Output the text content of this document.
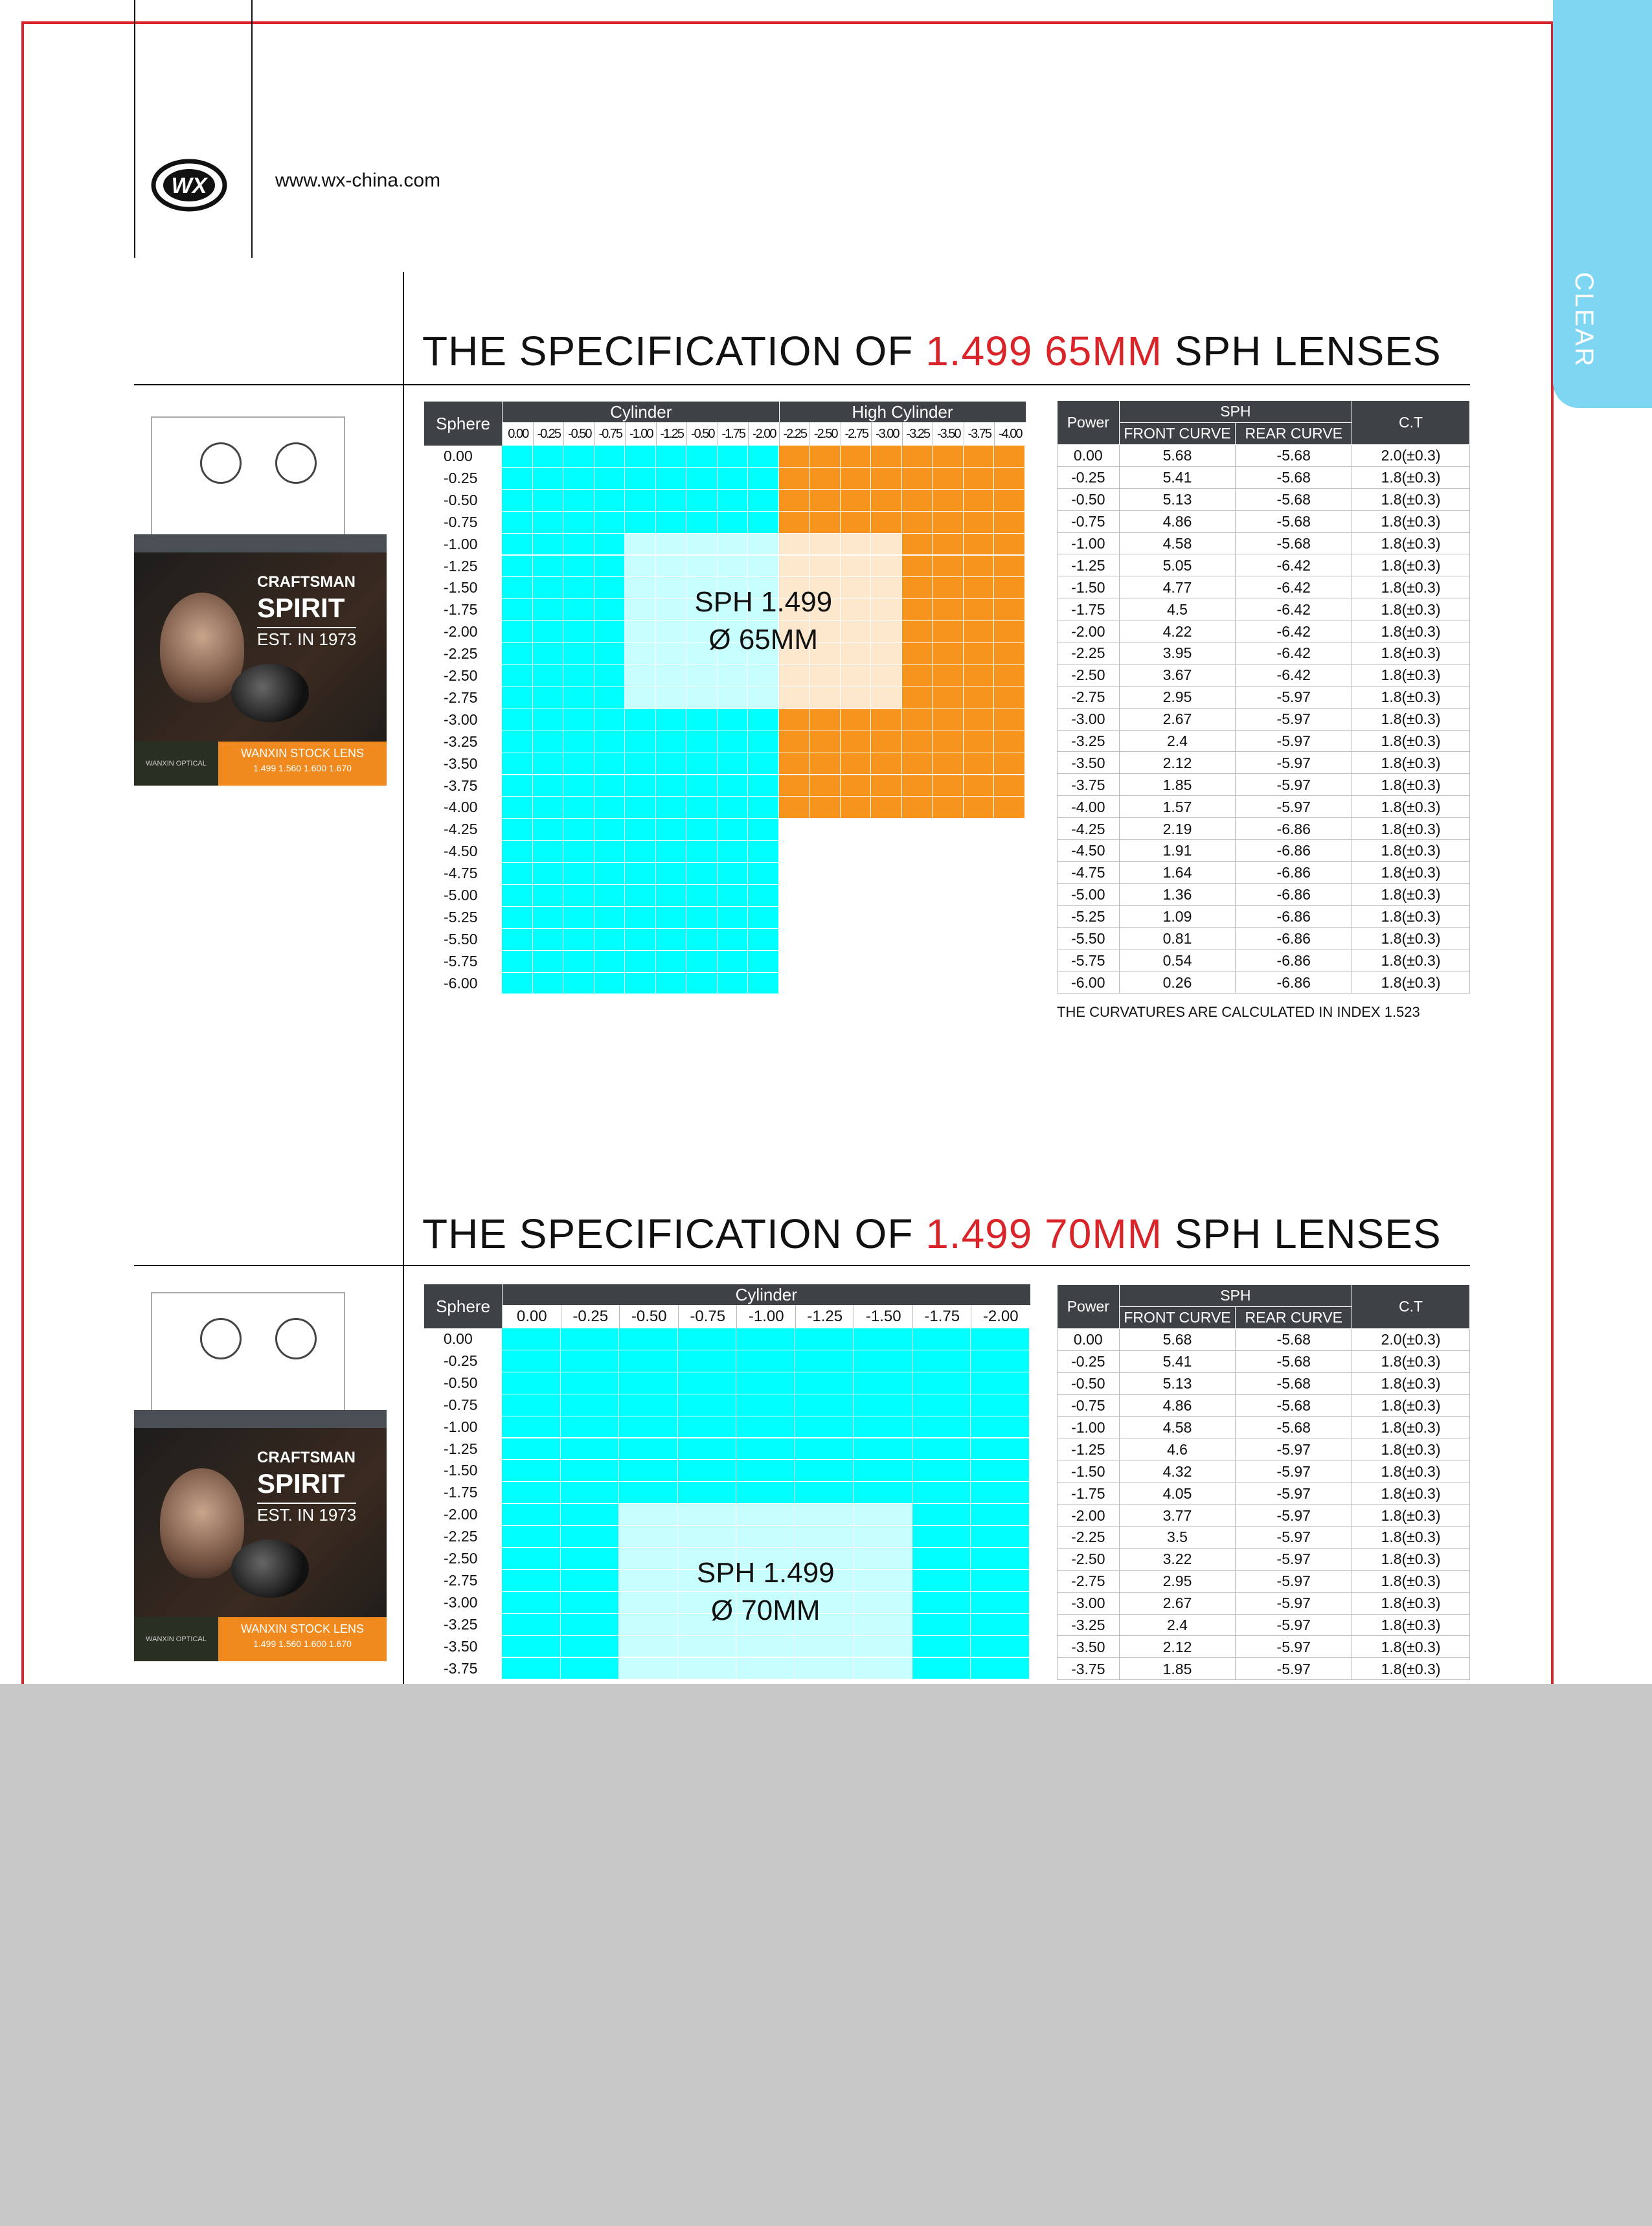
CLEAR
WX	www.wx-china.com
THE SPECIFICATION OF 1.499 65MM SPH LENSES
CRAFTSMAN
SPIRIT
EST. IN 1973
WANXIN OPTICAL
WANXIN STOCK LENS
1.499 1.560 1.600 1.670
Sphere
Cylinder	High Cylinder
0.00 -0.25 -0.50 -0.75 -1.00 -1.25 -0.50 -1.75 -2.00 -2.25 -2.50 -2.75 -3.00 -3.25 -3.50 -3.75 -4.00
0.00
-0.25
-0.50
-0.75
-1.00
-1.25
-1.50
-1.75
-2.00
-2.25
-2.50
-2.75
-3.00
-3.25
-3.50
-3.75
-4.00
-4.25
-4.50
-4.75
-5.00
-5.25
-5.50
-5.75
-6.00
SPH 1.499
Ø 65MM
Power	SPH		C.T
	FRONT CURVE	REAR CURVE	
0.00	5.68	-5.68	2.0(±0.3)
-0.25	5.41	-5.68	1.8(±0.3)
-0.50	5.13	-5.68	1.8(±0.3)
-0.75	4.86	-5.68	1.8(±0.3)
-1.00	4.58	-5.68	1.8(±0.3)
-1.25	5.05	-6.42	1.8(±0.3)
-1.50	4.77	-6.42	1.8(±0.3)
-1.75	4.5	-6.42	1.8(±0.3)
-2.00	4.22	-6.42	1.8(±0.3)
-2.25	3.95	-6.42	1.8(±0.3)
-2.50	3.67	-6.42	1.8(±0.3)
-2.75	2.95	-5.97	1.8(±0.3)
-3.00	2.67	-5.97	1.8(±0.3)
-3.25	2.4	-5.97	1.8(±0.3)
-3.50	2.12	-5.97	1.8(±0.3)
-3.75	1.85	-5.97	1.8(±0.3)
-4.00	1.57	-5.97	1.8(±0.3)
-4.25	2.19	-6.86	1.8(±0.3)
-4.50	1.91	-6.86	1.8(±0.3)
-4.75	1.64	-6.86	1.8(±0.3)
-5.00	1.36	-6.86	1.8(±0.3)
-5.25	1.09	-6.86	1.8(±0.3)
-5.50	0.81	-6.86	1.8(±0.3)
-5.75	0.54	-6.86	1.8(±0.3)
-6.00	0.26	-6.86	1.8(±0.3)
THE CURVATURES ARE CALCULATED IN INDEX 1.523
THE SPECIFICATION OF 1.499 70MM SPH LENSES
CRAFTSMAN
SPIRIT
EST. IN 1973
WANXIN OPTICAL
WANXIN STOCK LENS
1.499 1.560 1.600 1.670
Sphere
Cylinder
0.00	-0.25	-0.50	-0.75	-1.00	-1.25	-1.50	-1.75	-2.00
0.00
-0.25
-0.50
-0.75
-1.00
-1.25
-1.50
-1.75
-2.00
-2.25
-2.50
-2.75
-3.00
-3.25
-3.50
-3.75
SPH 1.499
Ø 70MM
Power	SPH		C.T
	FRONT CURVE	REAR CURVE	
0.00	5.68	-5.68	2.0(±0.3)
-0.25	5.41	-5.68	1.8(±0.3)
-0.50	5.13	-5.68	1.8(±0.3)
-0.75	4.86	-5.68	1.8(±0.3)
-1.00	4.58	-5.68	1.8(±0.3)
-1.25	4.6	-5.97	1.8(±0.3)
-1.50	4.32	-5.97	1.8(±0.3)
-1.75	4.05	-5.97	1.8(±0.3)
-2.00	3.77	-5.97	1.8(±0.3)
-2.25	3.5	-5.97	1.8(±0.3)
-2.50	3.22	-5.97	1.8(±0.3)
-2.75	2.95	-5.97	1.8(±0.3)
-3.00	2.67	-5.97	1.8(±0.3)
-3.25	2.4	-5.97	1.8(±0.3)
-3.50	2.12	-5.97	1.8(±0.3)
-3.75	1.85	-5.97	1.8(±0.3)
